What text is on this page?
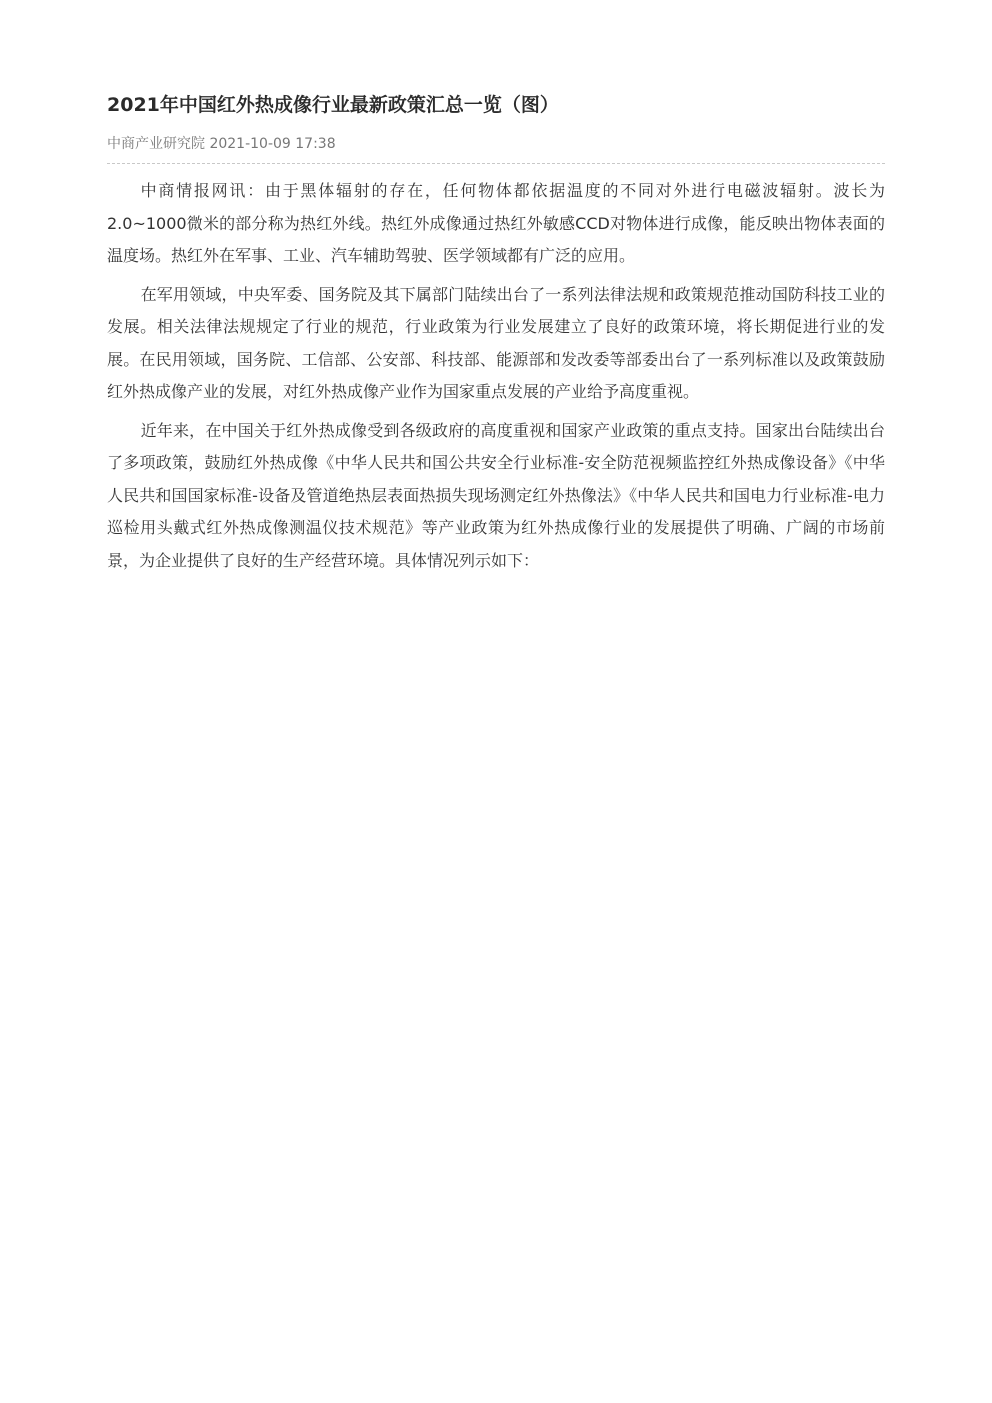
2021年中国红外热成像行业最新政策汇总一览（图）
中商产业研究院 2021-10-09 17:38

中商情报网讯：由于黑体辐射的存在，任何物体都依据温度的不同对外进行电磁波辐射。波长为2.0~1000微米的部分称为热红外线。热红外成像通过热红外敏感CCD对物体进行成像，能反映出物体表面的温度场。热红外在军事、工业、汽车辅助驾驶、医学领域都有广泛的应用。

在军用领域，中央军委、国务院及其下属部门陆续出台了一系列法律法规和政策规范推动国防科技工业的发展。相关法律法规规定了行业的规范，行业政策为行业发展建立了良好的政策环境，将长期促进行业的发展。在民用领域，国务院、工信部、公安部、科技部、能源部和发改委等部委出台了一系列标准以及政策鼓励红外热成像产业的发展，对红外热成像产业作为国家重点发展的产业给予高度重视。

近年来，在中国关于红外热成像受到各级政府的高度重视和国家产业政策的重点支持。国家出台陆续出台了多项政策，鼓励红外热成像《中华人民共和国公共安全行业标准-安全防范视频监控红外热成像设备》《中华人民共和国国家标准-设备及管道绝热层表面热损失现场测定红外热像法》《中华人民共和国电力行业标准-电力巡检用头戴式红外热成像测温仪技术规范》等产业政策为红外热成像行业的发展提供了明确、广阔的市场前景，为企业提供了良好的生产经营环境。具体情况列示如下：
